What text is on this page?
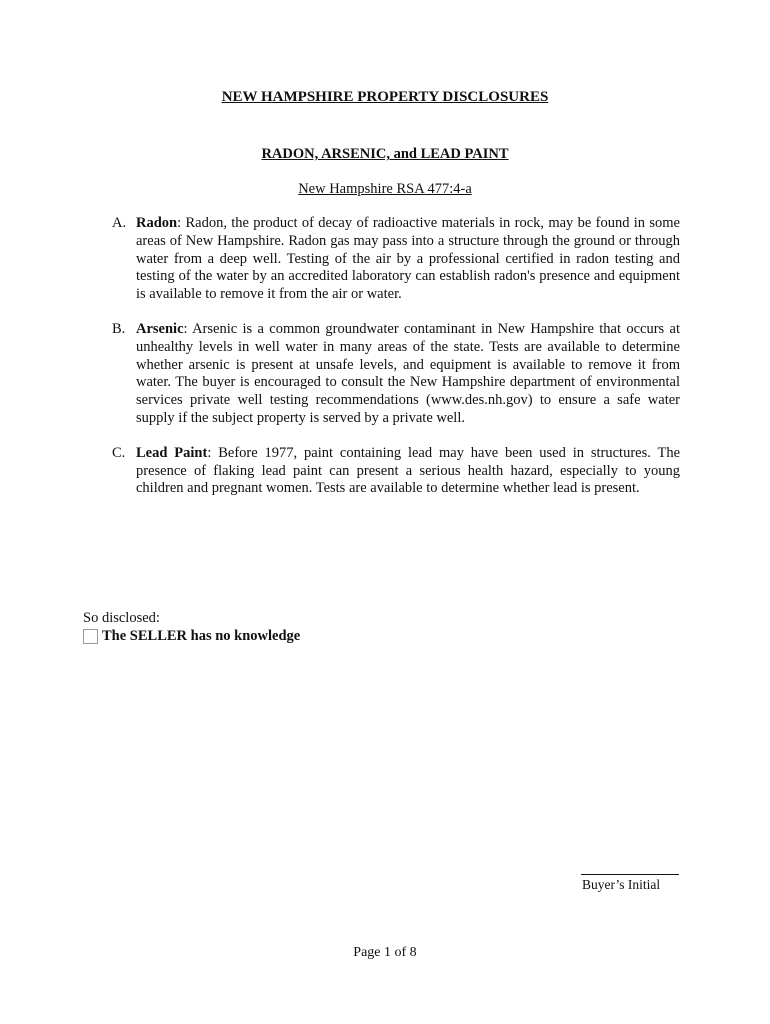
NEW HAMPSHIRE PROPERTY DISCLOSURES
RADON, ARSENIC, and LEAD PAINT
New Hampshire RSA 477:4-a
A. Radon: Radon, the product of decay of radioactive materials in rock, may be found in some areas of New Hampshire. Radon gas may pass into a structure through the ground or through water from a deep well. Testing of the air by a professional certified in radon testing and testing of the water by an accredited laboratory can establish radon's presence and equipment is available to remove it from the air or water.
B. Arsenic: Arsenic is a common groundwater contaminant in New Hampshire that occurs at unhealthy levels in well water in many areas of the state. Tests are available to determine whether arsenic is present at unsafe levels, and equipment is available to remove it from water. The buyer is encouraged to consult the New Hampshire department of environmental services private well testing recommendations (www.des.nh.gov) to ensure a safe water supply if the subject property is served by a private well.
C. Lead Paint: Before 1977, paint containing lead may have been used in structures. The presence of flaking lead paint can present a serious health hazard, especially to young children and pregnant women. Tests are available to determine whether lead is present.
So disclosed:
The SELLER has no knowledge
Buyer’s Initial
Page 1 of 8
